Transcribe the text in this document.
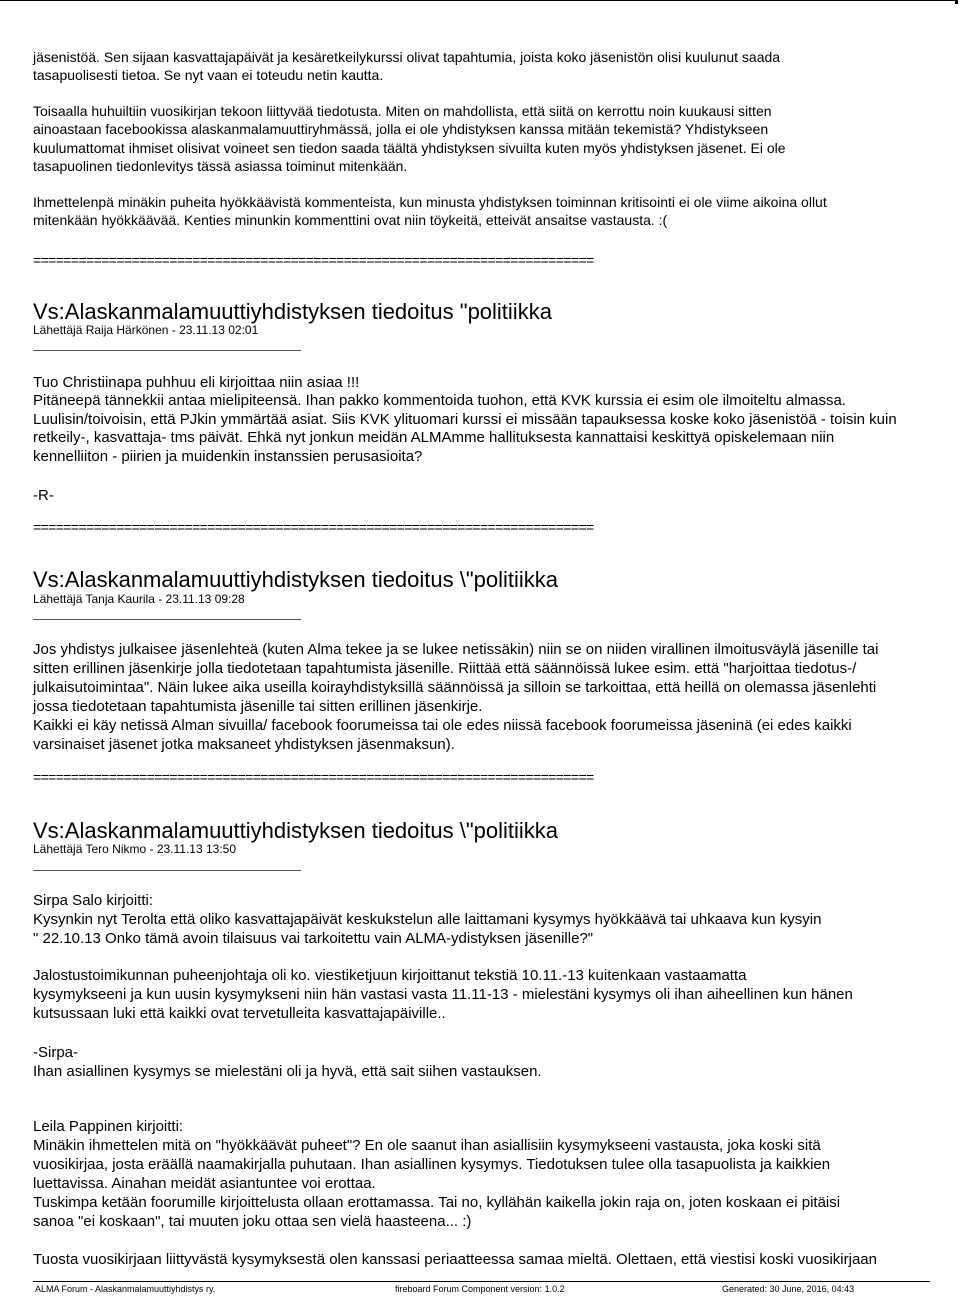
jäsenistöä. Sen sijaan kasvattajapäivät ja kesäretkeilykurssi olivat tapahtumia, joista koko jäsenistön olisi kuulunut saada
tasapuolisesti tietoa. Se nyt vaan ei toteudu netin kautta.
Toisaalla huhuiltiin vuosikirjan tekoon liittyvää tiedotusta. Miten on mahdollista, että siitä on kerrottu noin kuukausi sitten
ainoastaan facebookissa alaskanmalamuuttiryhmässä, jolla ei ole yhdistyksen kanssa mitään tekemistä? Yhdistykseen
kuulumattomat ihmiset olisivat voineet sen tiedon saada täältä yhdistyksen sivuilta kuten myös yhdistyksen jäsenet. Ei ole
tasapuolinen tiedonlevitys tässä asiassa toiminut mitenkään.
Ihmettelenpä minäkin puheita hyökkäävistä kommenteista, kun minusta yhdistyksen toiminnan kritisointi ei ole viime aikoina ollut
mitenkään hyökkäävää. Kenties minunkin kommenttini ovat niin töykeitä, etteivät ansaitse vastausta. :(
==========================================================================
Vs:Alaskanmalamuuttiyhdistyksen tiedoitus "politiikka
Lähettäjä Raija Härkönen - 23.11.13 02:01
Tuo Christiinapa puhhuu eli kirjoittaa niin asiaa !!!
Pitäneepä tännekkii antaa mielipiteensä. Ihan pakko kommentoida tuohon, että KVK kurssia ei esim ole ilmoiteltu almassa.
Luulisin/toivoisin, että PJkin ymmärtää asiat. Siis KVK ylituomari kurssi ei missään tapauksessa koske koko jäsenistöä - toisin kuin
retkeily-, kasvattaja- tms päivät. Ehkä nyt jonkun meidän ALMAmme hallituksesta kannattaisi keskittyä opiskelemaan niin
kennelliiton - piirien ja muidenkin instanssien perusasioita?
-R-
==========================================================================
Vs:Alaskanmalamuuttiyhdistyksen tiedoitus \"politiikka
Lähettäjä Tanja Kaurila - 23.11.13 09:28
Jos yhdistys julkaisee jäsenlehteä (kuten Alma tekee ja se lukee netissäkin) niin se on niiden virallinen ilmoitusväylä jäsenille tai
sitten erillinen jäsenkirje jolla tiedotetaan tapahtumista jäsenille. Riittää että säännöissä lukee esim. että "harjoittaa tiedotus-/
julkaisutoimintaa". Näin lukee aika useilla koirayhdistyksillä säännöissä ja silloin se tarkoittaa, että heillä on olemassa jäsenlehti
jossa tiedotetaan tapahtumista jäsenille tai sitten erillinen jäsenkirje.
Kaikki ei käy netissä Alman sivuilla/ facebook foorumeissa tai ole edes niissä facebook foorumeissa jäseninä (ei edes kaikki
varsinaiset jäsenet jotka maksaneet yhdistyksen jäsenmaksun).
==========================================================================
Vs:Alaskanmalamuuttiyhdistyksen tiedoitus \"politiikka
Lähettäjä Tero Nikmo - 23.11.13 13:50
Sirpa Salo kirjoitti:
Kysynkin nyt Terolta että oliko kasvattajapäivät keskukstelun alle laittamani kysymys hyökkäävä tai uhkaava kun kysyin
" 22.10.13 Onko tämä avoin tilaisuus vai tarkoitettu vain ALMA-ydistyksen jäsenille?"
Jalostustoimikunnan puheenjohtaja oli ko. viestiketjuun kirjoittanut tekstiä 10.11.-13 kuitenkaan vastaamatta
kysymykseeni ja kun uusin kysymykseni niin hän vastasi vasta 11.11-13 - mielestäni kysymys oli ihan aiheellinen kun hänen
kutsussaan luki että kaikki ovat tervetulleita kasvattajapäiville..
-Sirpa-
Ihan asiallinen kysymys se mielestäni oli ja hyvä, että sait siihen vastauksen.
Leila Pappinen kirjoitti:
Minäkin ihmettelen mitä on "hyökkäävät puheet"? En ole saanut ihan asiallisiin kysymykseeni vastausta, joka koski sitä
vuosikirjaa, josta eräällä naamakirjalla puhutaan. Ihan asiallinen kysymys. Tiedotuksen tulee olla tasapuolista ja kaikkien
luettavissa. Ainahan meidät asiantuntee voi erottaa.
Tuskimpa ketään foorumille kirjoittelusta ollaan erottamassa. Tai no, kyllähän kaikella jokin raja on, joten koskaan ei pitäisi
sanoa "ei koskaan", tai muuten joku ottaa sen vielä haasteena... :)
Tuosta vuosikirjaan liittyvästä kysymyksestä olen kanssasi periaatteessa samaa mieltä. Olettaen, että viestisi koski vuosikirjaan
ALMA Forum - Alaskanmalamuuttiyhdistys ry.	fireboard Forum Component version: 1.0.2	Generated: 30 June, 2016, 04:43
